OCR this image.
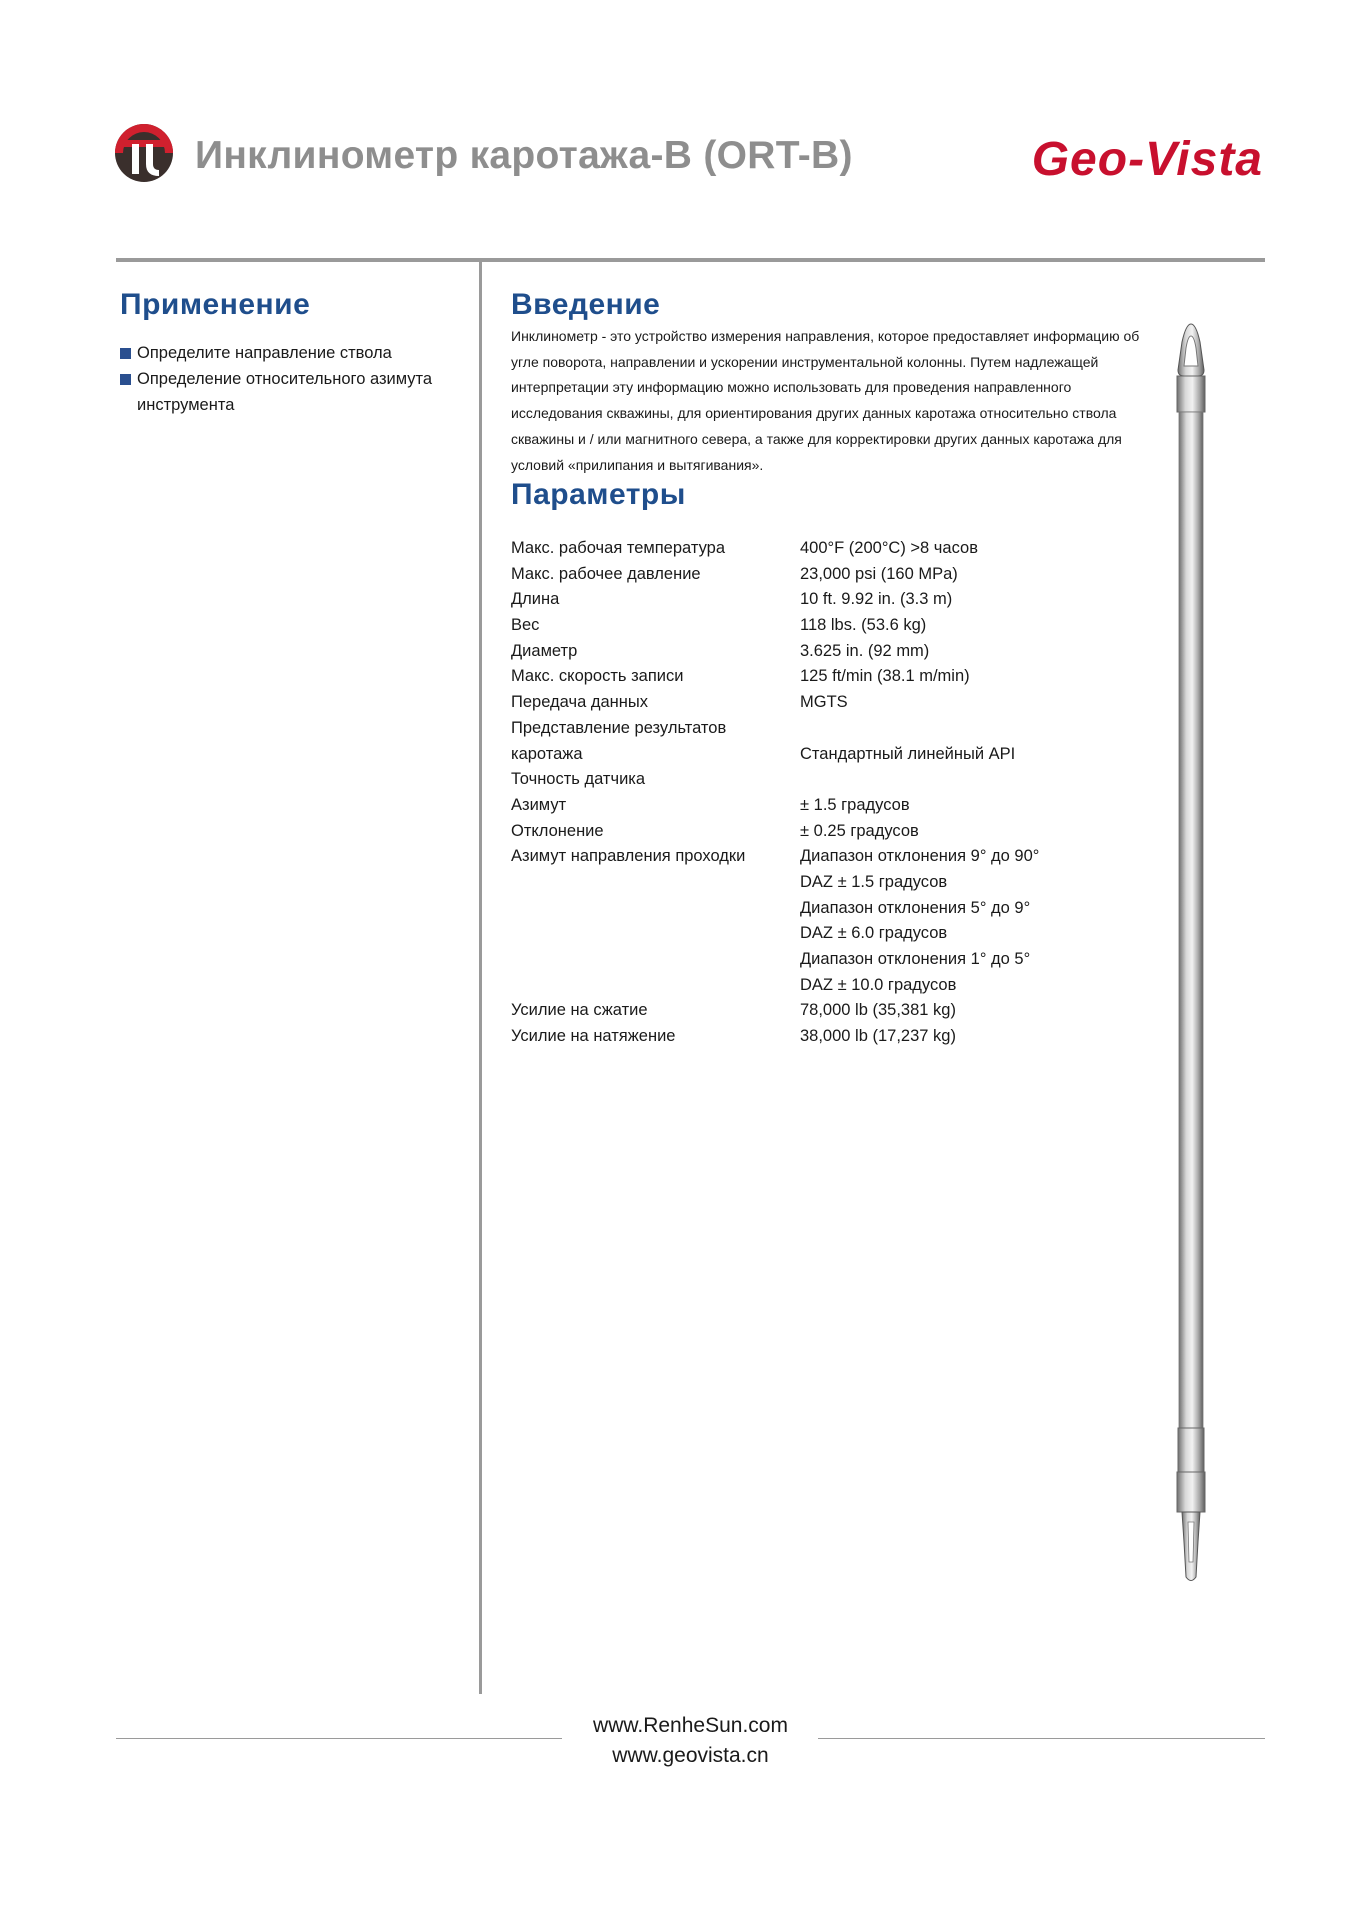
Инклинометр каротажа-B (ORT-B)	Geo-Vista
Применение
Определите направление ствола
Определение относительного азимута инструмента
Введение

Инклинометр - это устройство измерения направления, которое предоставляет информацию об угле поворота, направлении и ускорении инструментальной колонны. Путем надлежащей интерпретации эту информацию можно использовать для проведения направленного исследования скважины, для ориентирования других данных каротажа относительно ствола скважины и / или магнитного севера, а также для корректировки других данных каротажа для условий «прилипания и вытягивания».

Параметры
Макс. рабочая температура	400°F (200°C) >8 часов
Макс. рабочее давление	23,000 psi (160 MPa)
Длина	10 ft. 9.92 in. (3.3 m)
Вес	118 lbs. (53.6 kg)
Диаметр	3.625 in. (92 mm)
Макс. скорость записи	125 ft/min (38.1 m/min)
Передача данных	MGTS
Представление результатов
каротажа	Стандартный линейный API
Точность датчика
Азимут	± 1.5 градусов
Отклонение	± 0.25 градусов
Азимут направления проходки	Диапазон отклонения 9° до 90°
DAZ ± 1.5 градусов
Диапазон отклонения 5° до 9°
DAZ ± 6.0 градусов
Диапазон отклонения 1° до 5°
DAZ ± 10.0 градусов
Усилие на сжатие	78,000 lb (35,381 kg)
Усилие на натяжение	38,000 lb (17,237 kg)
www.RenheSun.com
www.geovista.cn
